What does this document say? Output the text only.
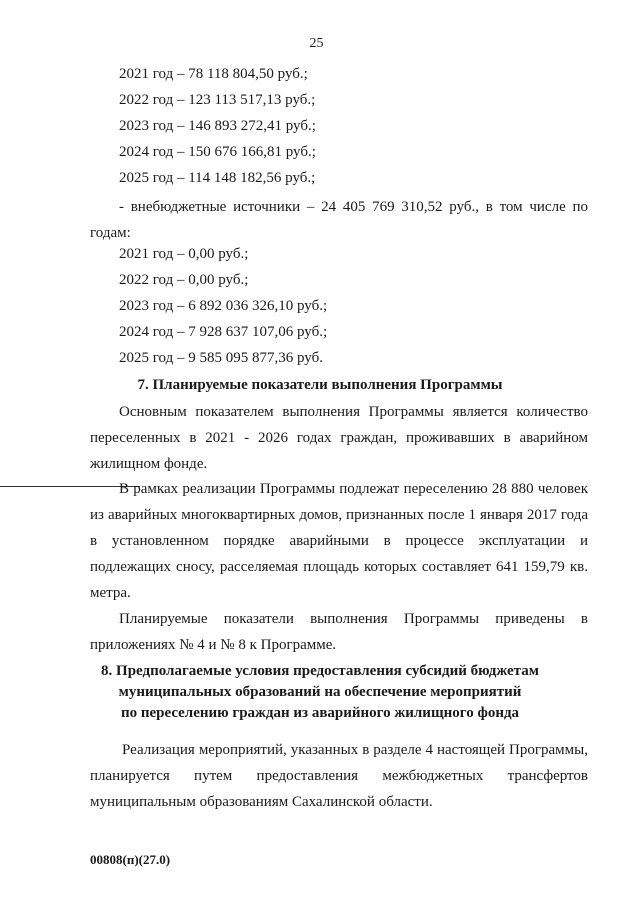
25
2021 год – 78 118 804,50 руб.;
2022 год – 123 113 517,13 руб.;
2023 год – 146 893 272,41 руб.;
2024 год – 150 676 166,81 руб.;
2025 год – 114 148 182,56 руб.;
- внебюджетные источники – 24 405 769 310,52 руб., в том числе по годам:
2021 год – 0,00 руб.;
2022 год – 0,00 руб.;
2023 год – 6 892 036 326,10 руб.;
2024 год – 7 928 637 107,06 руб.;
2025 год – 9 585 095 877,36 руб.
7. Планируемые показатели выполнения Программы
Основным показателем выполнения Программы является количество переселенных в 2021 - 2026 годах граждан, проживавших в аварийном жилищном фонде.
В рамках реализации Программы подлежат переселению 28 880 человек из аварийных многоквартирных домов, признанных после 1 января 2017 года в установленном порядке аварийными в процессе эксплуатации и подлежащих сносу, расселяемая площадь которых составляет 641 159,79 кв. метра.
Планируемые показатели выполнения Программы приведены в приложениях № 4 и № 8 к Программе.
8. Предполагаемые условия предоставления субсидий бюджетам
муниципальных образований на обеспечение мероприятий
по переселению граждан из аварийного жилищного фонда
Реализация мероприятий, указанных в разделе 4 настоящей Программы, планируется путем предоставления межбюджетных трансфертов муниципальным образованиям Сахалинской области.
00808(п)(27.0)
